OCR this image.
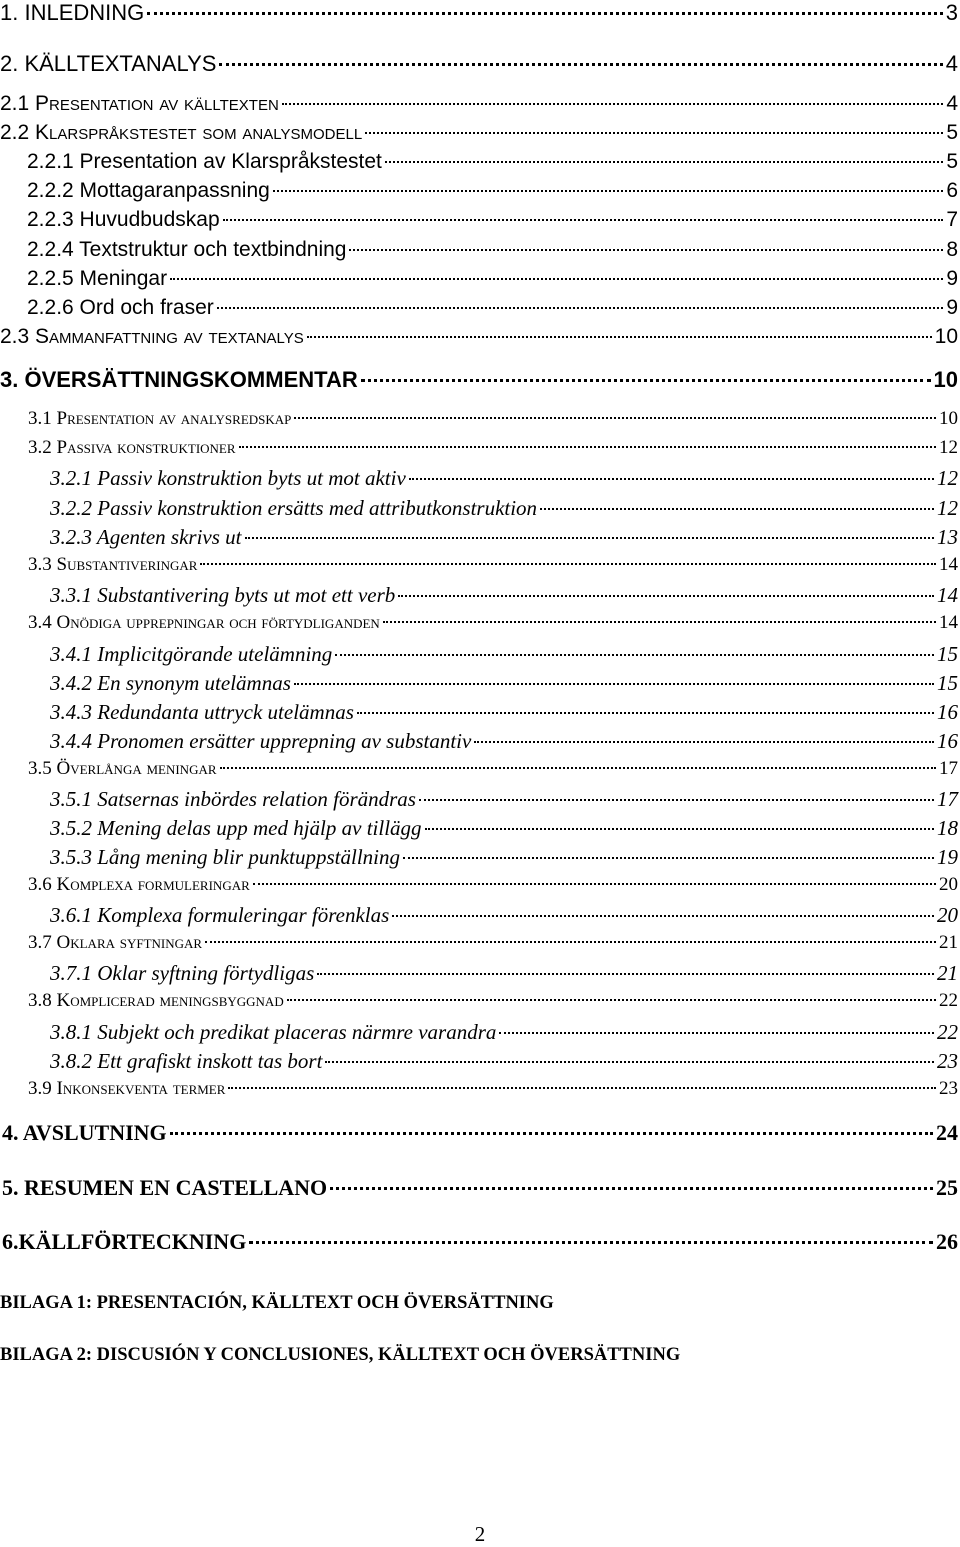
1. INLEDNING	3
2. KÄLLTEXTANALYS	4
2.1 Presentation av källtexten	4
2.2 Klarspråkstestet som analysmodell	5
2.2.1 Presentation av Klarspråkstestet	5
2.2.2 Mottagaranpassning	6
2.2.3 Huvudbudskap	7
2.2.4 Textstruktur och textbindning	8
2.2.5 Meningar	9
2.2.6 Ord och fraser	9
2.3 Sammanfattning av textanalys	10
3. ÖVERSÄTTNINGSKOMMENTAR	10
3.1 Presentation av analysredskap	10
3.2 Passiva konstruktioner	12
3.2.1 Passiv konstruktion byts ut mot aktiv	12
3.2.2 Passiv konstruktion ersätts med attributkonstruktion	12
3.2.3 Agenten skrivs ut	13
3.3 Substantiveringar	14
3.3.1 Substantivering byts ut mot ett verb	14
3.4 Onödiga upprepningar och förtydliganden	14
3.4.1 Implicitgörande utelämning	15
3.4.2 En synonym utelämnas	15
3.4.3 Redundanta uttryck utelämnas	16
3.4.4 Pronomen ersätter upprepning av substantiv	16
3.5 Överlånga meningar	17
3.5.1 Satsernas inbördes relation förändras	17
3.5.2 Mening delas upp med hjälp av tillägg	18
3.5.3 Lång mening blir punktuppställning	19
3.6 Komplexa formuleringar	20
3.6.1 Komplexa formuleringar förenklas	20
3.7 Oklara syftningar	21
3.7.1 Oklar syftning förtydligas	21
3.8 Komplicerad meningsbyggnad	22
3.8.1 Subjekt och predikat placeras närmre varandra	22
3.8.2 Ett grafiskt inskott tas bort	23
3.9 Inkonsekventa termer	23
4. AVSLUTNING	24
5. RESUMEN EN CASTELLANO	25
6.KÄLLFÖRTECKNING	26
BILAGA 1: PRESENTACIÓN, KÄLLTEXT OCH ÖVERSÄTTNING
BILAGA 2: DISCUSIÓN Y CONCLUSIONES, KÄLLTEXT OCH ÖVERSÄTTNING
2
